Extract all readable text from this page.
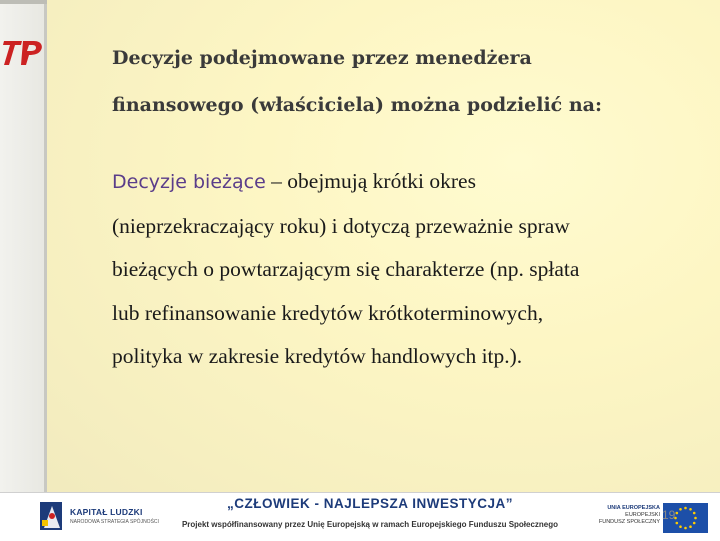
Decyzje podejmowane przez menedżera
finansowego (właściciela) można podzielić na:
Decyzje bieżące – obejmują krótki okres
(nieprzekraczający roku) i dotyczą przeważnie spraw
bieżących o powtarzającym się charakterze (np. spłata
lub refinansowanie kredytów krótkoterminowych,
polityka w zakresie kredytów handlowych itp.).
KAPITAŁ LUDZKI
NARODOWA STRATEGIA SPÓJNOŚCI
„CZŁOWIEK - NAJLEPSZA INWESTYCJA”
Projekt współfinansowany przez Unię Europejską w ramach Europejskiego Funduszu Społecznego
UNIA EUROPEJSKA
EUROPEJSKI
FUNDUSZ SPOŁECZNY 19
